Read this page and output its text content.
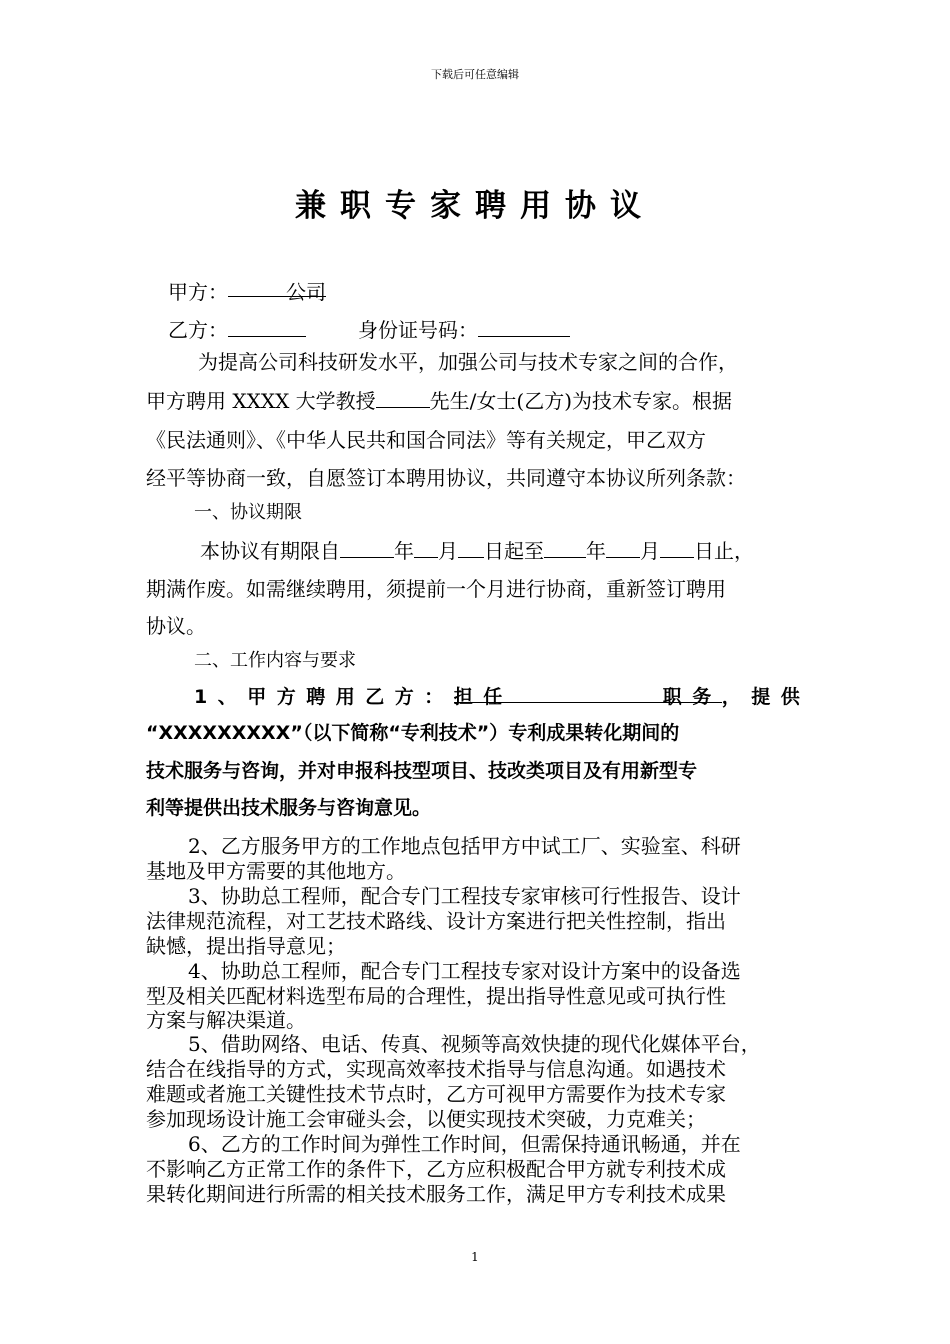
下载后可任意编辑
兼职专家聘用协议
甲方：	公司
乙方：	身份证号码：
为提高公司科技研发水平，加强公司与技术专家之间的合作，
甲方聘用 XXXX 大学教授	先生/女士(乙方)为技术专家。根据
《民法通则》、《中华人民共和国合同法》等有关规定，甲乙双方
经平等协商一致，自愿签订本聘用协议，共同遵守本协议所列条款：
一、协议期限
本协议有期限自	年 月 日起至 年 月 日止，
期满作废。如需继续聘用，须提前一个月进行协商，重新签订聘用
协议。
二、工作内容与要求
1、甲方聘用乙方：担任	职务，提供
“XXXXXXXXX”（以下简称“专利技术”）专利成果转化期间的
技术服务与咨询，并对申报科技型项目、技改类项目及有用新型专
利等提供出技术服务与咨询意见。
2、乙方服务甲方的工作地点包括甲方中试工厂、实验室、科研
基地及甲方需要的其他地方。
3、协助总工程师，配合专门工程技专家审核可行性报告、设计
法律规范流程，对工艺技术路线、设计方案进行把关性控制，指出
缺憾，提出指导意见；
4、协助总工程师，配合专门工程技专家对设计方案中的设备选
型及相关匹配材料选型布局的合理性，提出指导性意见或可执行性
方案与解决渠道。
5、借助网络、电话、传真、视频等高效快捷的现代化媒体平台，
结合在线指导的方式，实现高效率技术指导与信息沟通。如遇技术
难题或者施工关键性技术节点时，乙方可视甲方需要作为技术专家
参加现场设计施工会审碰头会，以便实现技术突破，力克难关；
6、乙方的工作时间为弹性工作时间，但需保持通讯畅通，并在
不影响乙方正常工作的条件下，乙方应积极配合甲方就专利技术成
果转化期间进行所需的相关技术服务工作，满足甲方专利技术成果
1
